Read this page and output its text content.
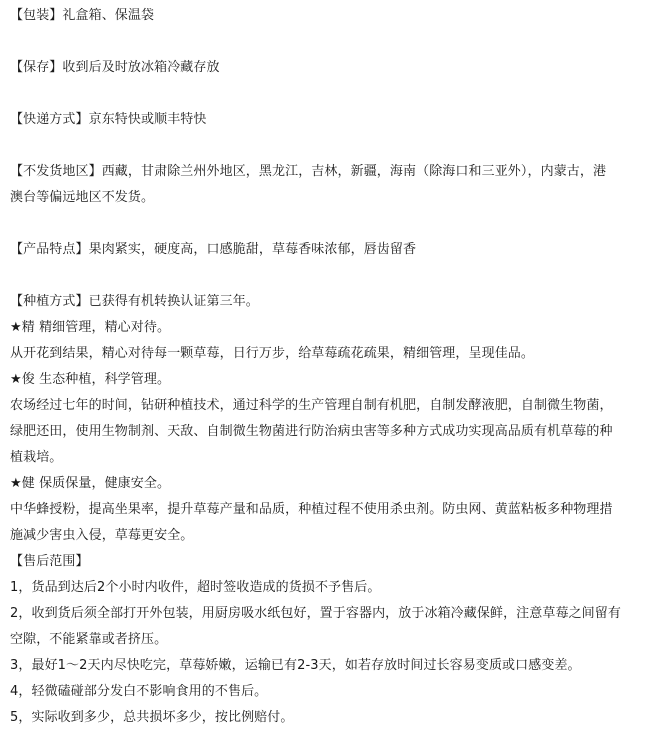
【包装】礼盒箱、保温袋
【保存】收到后及时放冰箱冷藏存放
【快递方式】京东特快或顺丰特快
【不发货地区】西藏，甘肃除兰州外地区，黑龙江，吉林，新疆，海南（除海口和三亚外），内蒙古，港
澳台等偏远地区不发货。
【产品特点】果肉紧实，硬度高，口感脆甜，草莓香味浓郁，唇齿留香
【种植方式】已获得有机转换认证第三年。
★精 精细管理，精心对待。
从开花到结果，精心对待每一颗草莓，日行万步，给草莓疏花疏果，精细管理，呈现佳品。
★俊 生态种植，科学管理。
农场经过七年的时间，钻研种植技术，通过科学的生产管理自制有机肥，自制发酵液肥，自制微生物菌，
绿肥还田，使用生物制剂、天敌、自制微生物菌进行防治病虫害等多种方式成功实现高品质有机草莓的种
植栽培。
★健 保质保量，健康安全。
中华蜂授粉，提高坐果率，提升草莓产量和品质，种植过程不使用杀虫剂。防虫网、黄蓝粘板多种物理措
施减少害虫入侵，草莓更安全。
【售后范围】
1，货品到达后2个小时内收件，超时签收造成的货损不予售后。
2，收到货后须全部打开外包装，用厨房吸水纸包好，置于容器内，放于冰箱冷藏保鲜，注意草莓之间留有
空隙，不能紧靠或者挤压。
3，最好1～2天内尽快吃完，草莓娇嫩，运输已有2-3天，如若存放时间过长容易变质或口感变差。
4，轻微磕碰部分发白不影响食用的不售后。
5，实际收到多少，总共损坏多少，按比例赔付。
